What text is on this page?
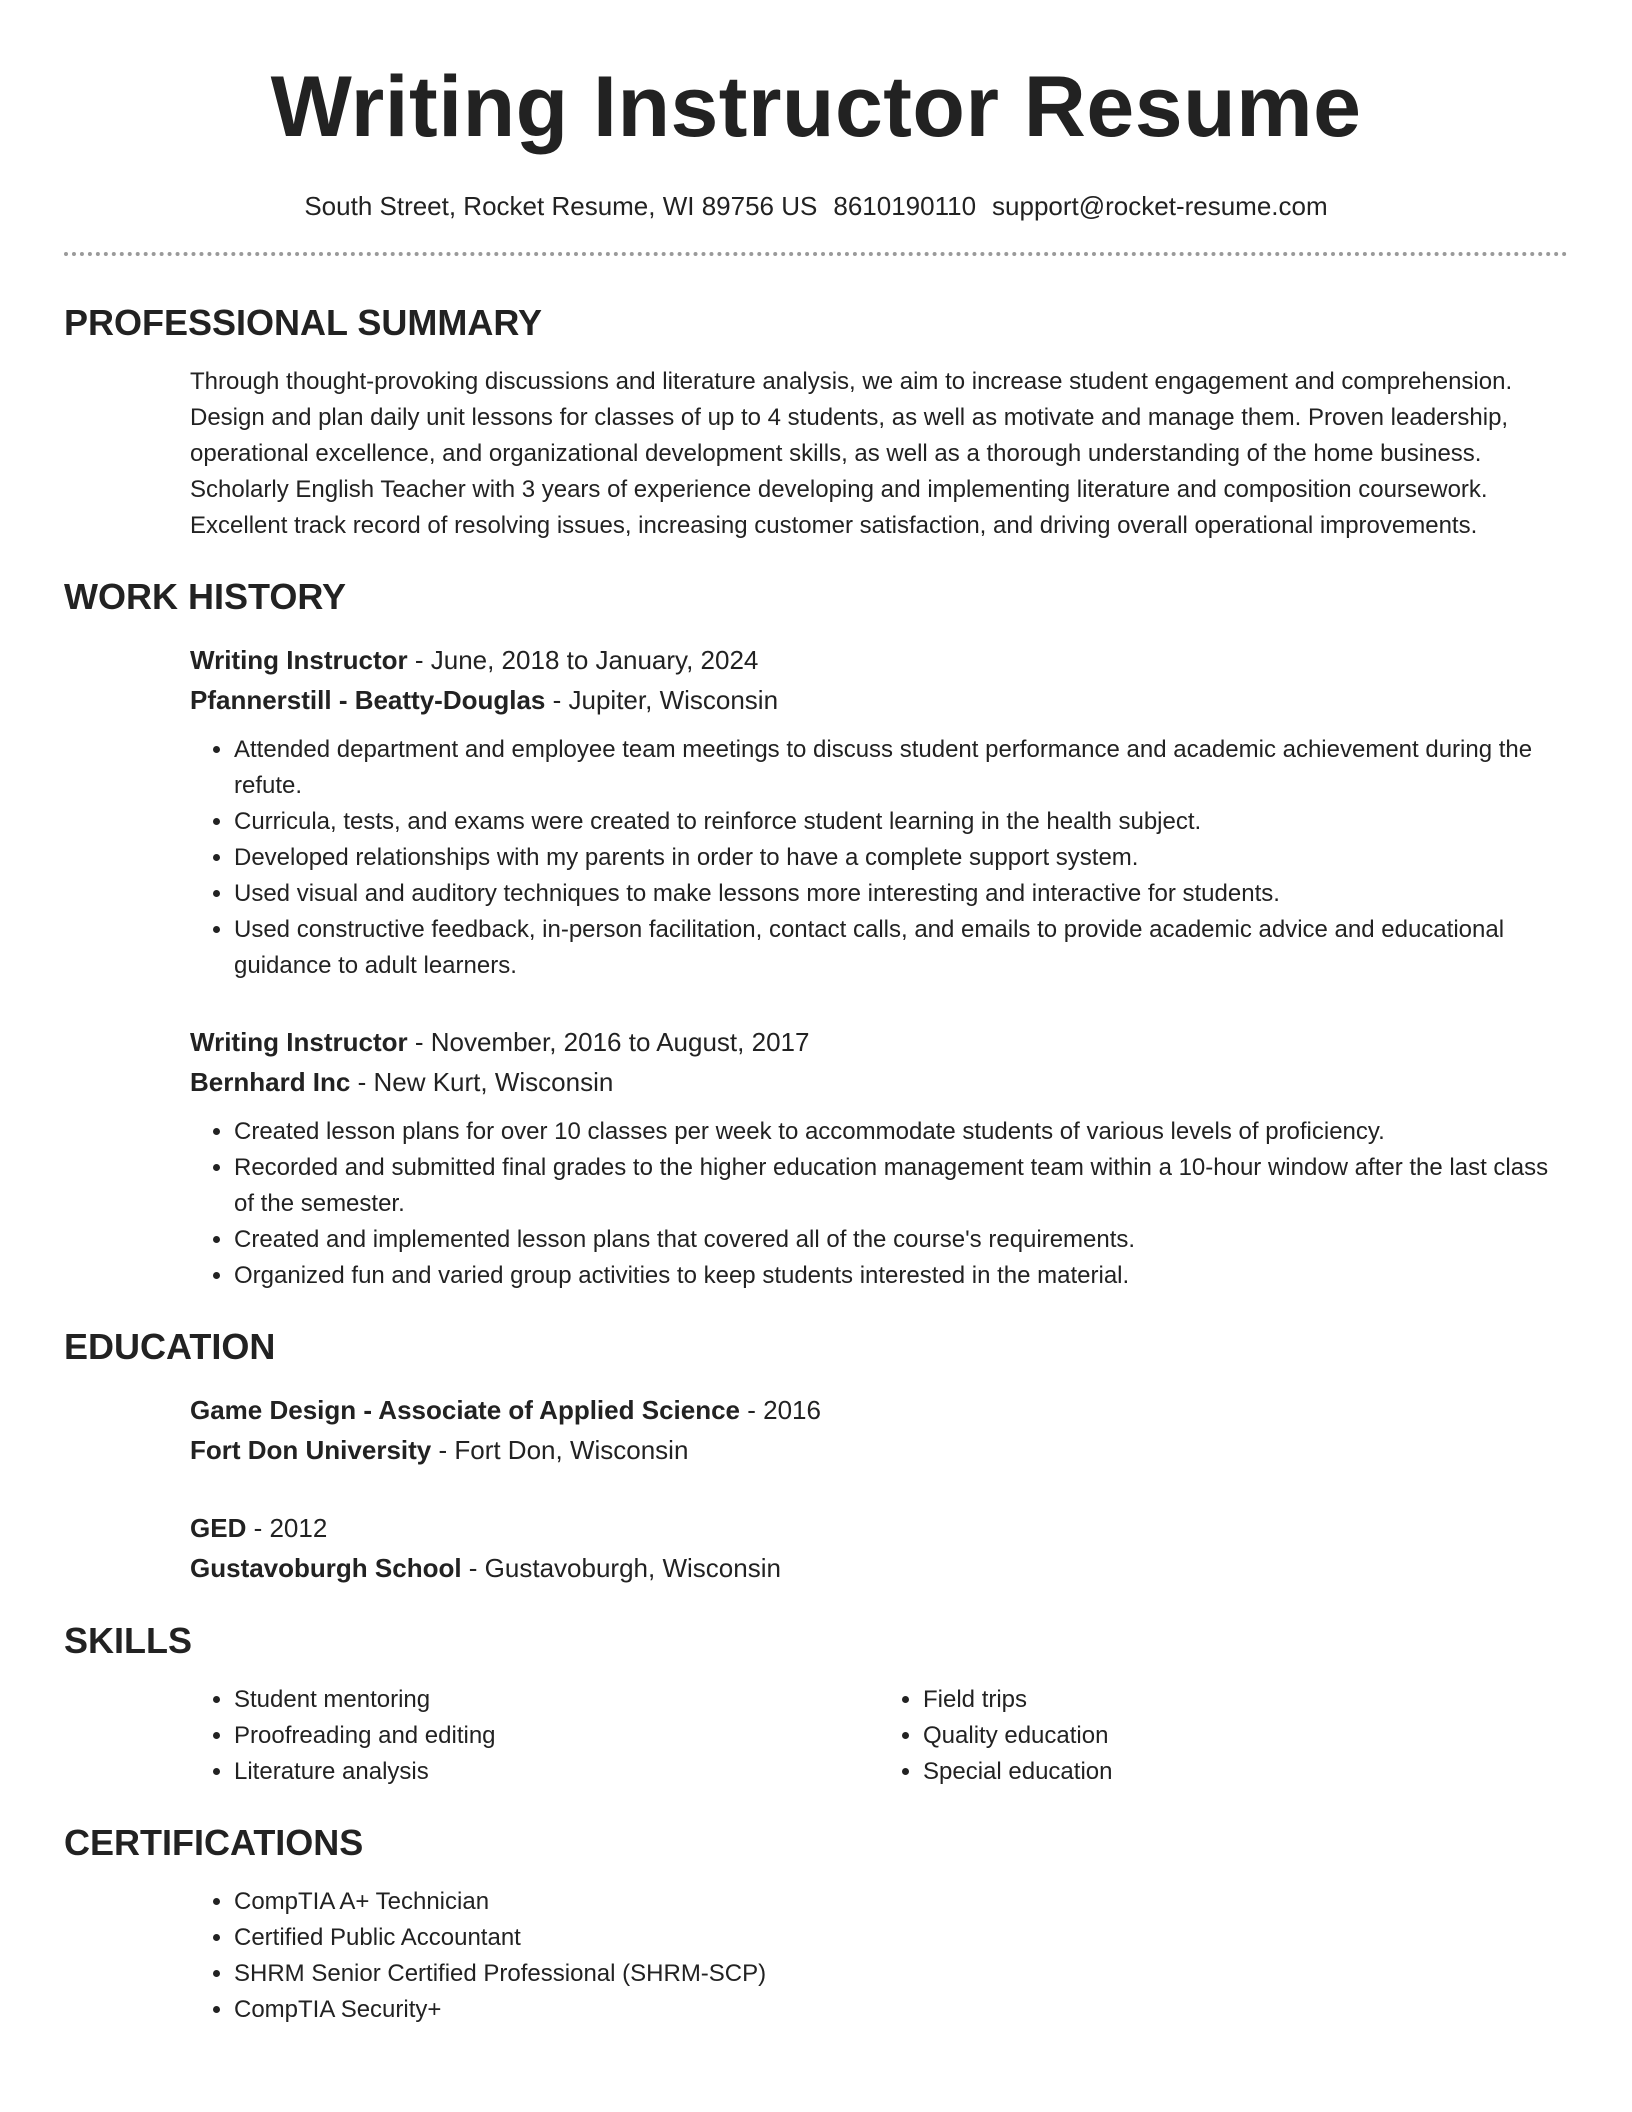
Writing Instructor Resume
South Street, Rocket Resume, WI 89756 US 8610190110 support@rocket-resume.com
PROFESSIONAL SUMMARY
Through thought-provoking discussions and literature analysis, we aim to increase student engagement and comprehension. Design and plan daily unit lessons for classes of up to 4 students, as well as motivate and manage them. Proven leadership, operational excellence, and organizational development skills, as well as a thorough understanding of the home business. Scholarly English Teacher with 3 years of experience developing and implementing literature and composition coursework. Excellent track record of resolving issues, increasing customer satisfaction, and driving overall operational improvements.
WORK HISTORY
Writing Instructor - June, 2018 to January, 2024
Pfannerstill - Beatty-Douglas - Jupiter, Wisconsin
• Attended department and employee team meetings to discuss student performance and academic achievement during the refute.
• Curricula, tests, and exams were created to reinforce student learning in the health subject.
• Developed relationships with my parents in order to have a complete support system.
• Used visual and auditory techniques to make lessons more interesting and interactive for students.
• Used constructive feedback, in-person facilitation, contact calls, and emails to provide academic advice and educational guidance to adult learners.
Writing Instructor - November, 2016 to August, 2017
Bernhard Inc - New Kurt, Wisconsin
• Created lesson plans for over 10 classes per week to accommodate students of various levels of proficiency.
• Recorded and submitted final grades to the higher education management team within a 10-hour window after the last class of the semester.
• Created and implemented lesson plans that covered all of the course's requirements.
• Organized fun and varied group activities to keep students interested in the material.
EDUCATION
Game Design - Associate of Applied Science - 2016
Fort Don University - Fort Don, Wisconsin
GED - 2012
Gustavoburgh School - Gustavoburgh, Wisconsin
SKILLS
• Student mentoring
• Proofreading and editing
• Literature analysis
• Field trips
• Quality education
• Special education
CERTIFICATIONS
• CompTIA A+ Technician
• Certified Public Accountant
• SHRM Senior Certified Professional (SHRM-SCP)
• CompTIA Security+
